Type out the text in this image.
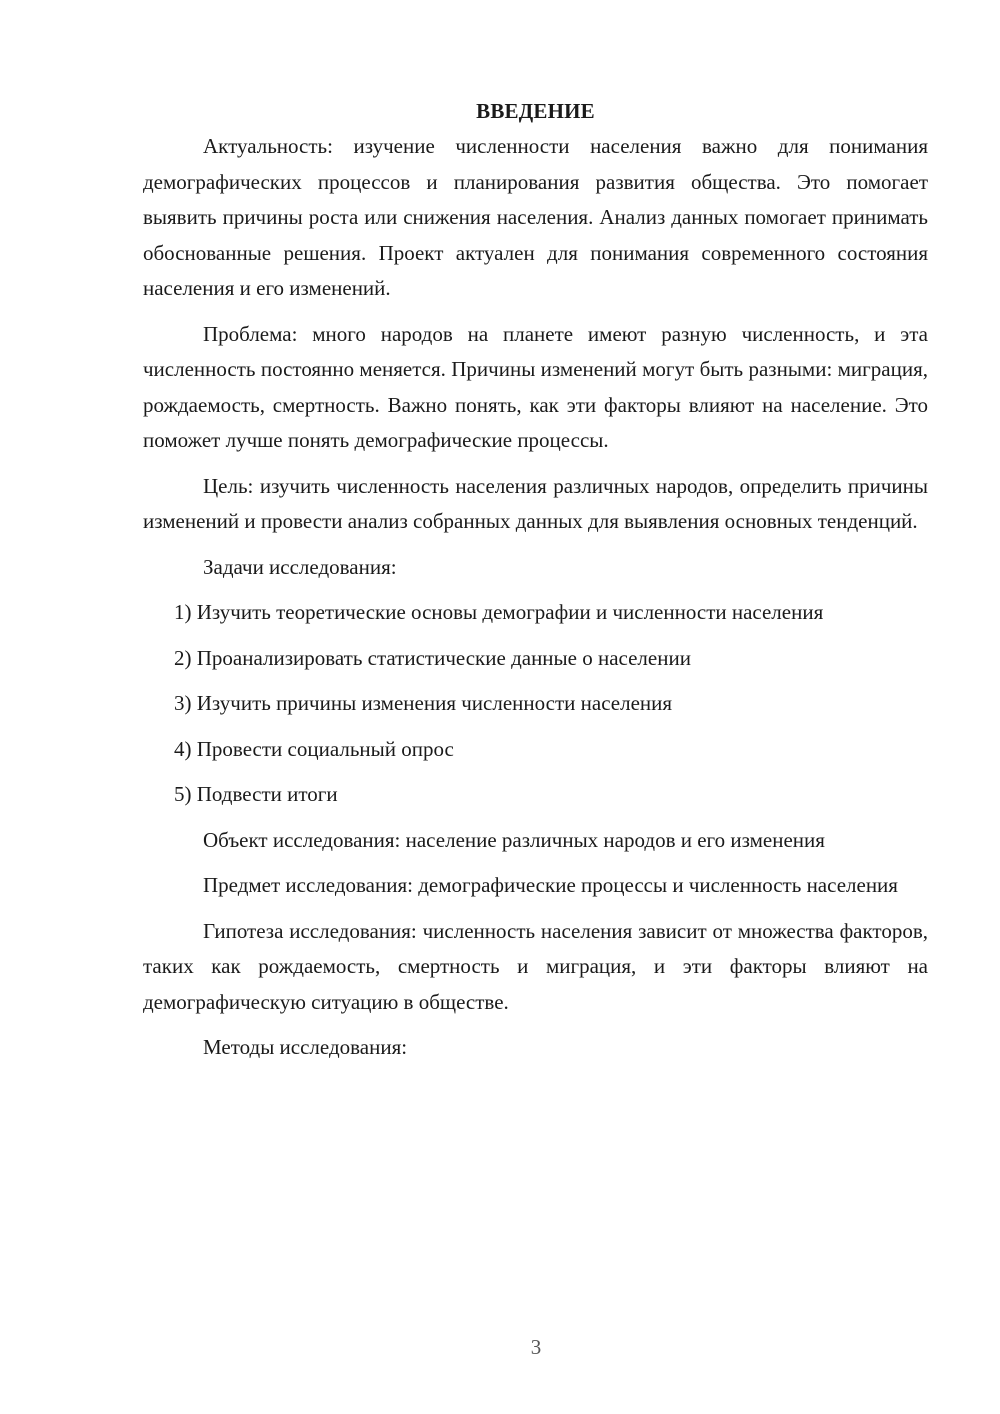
ВВЕДЕНИЕ

Актуальность: изучение численности населения важно для понимания демографических процессов и планирования развития общества. Это помогает выявить причины роста или снижения населения. Анализ данных помогает принимать обоснованные решения. Проект актуален для понимания современного состояния населения и его изменений.

Проблема: много народов на планете имеют разную численность, и эта численность постоянно меняется. Причины изменений могут быть разными: миграция, рождаемость, смертность. Важно понять, как эти факторы влияют на население. Это поможет лучше понять демографические процессы.

Цель: изучить численность населения различных народов, определить причины изменений и провести анализ собранных данных для выявления основных тенденций.

Задачи исследования:

1) Изучить теоретические основы демографии и численности населения

2) Проанализировать статистические данные о населении

3) Изучить причины изменения численности населения

4) Провести социальный опрос

5) Подвести итоги

Объект исследования: население различных народов и его изменения

Предмет исследования: демографические процессы и численность населения

Гипотеза исследования: численность населения зависит от множества факторов, таких как рождаемость, смертность и миграция, и эти факторы влияют на демографическую ситуацию в обществе.

Методы исследования:

3
